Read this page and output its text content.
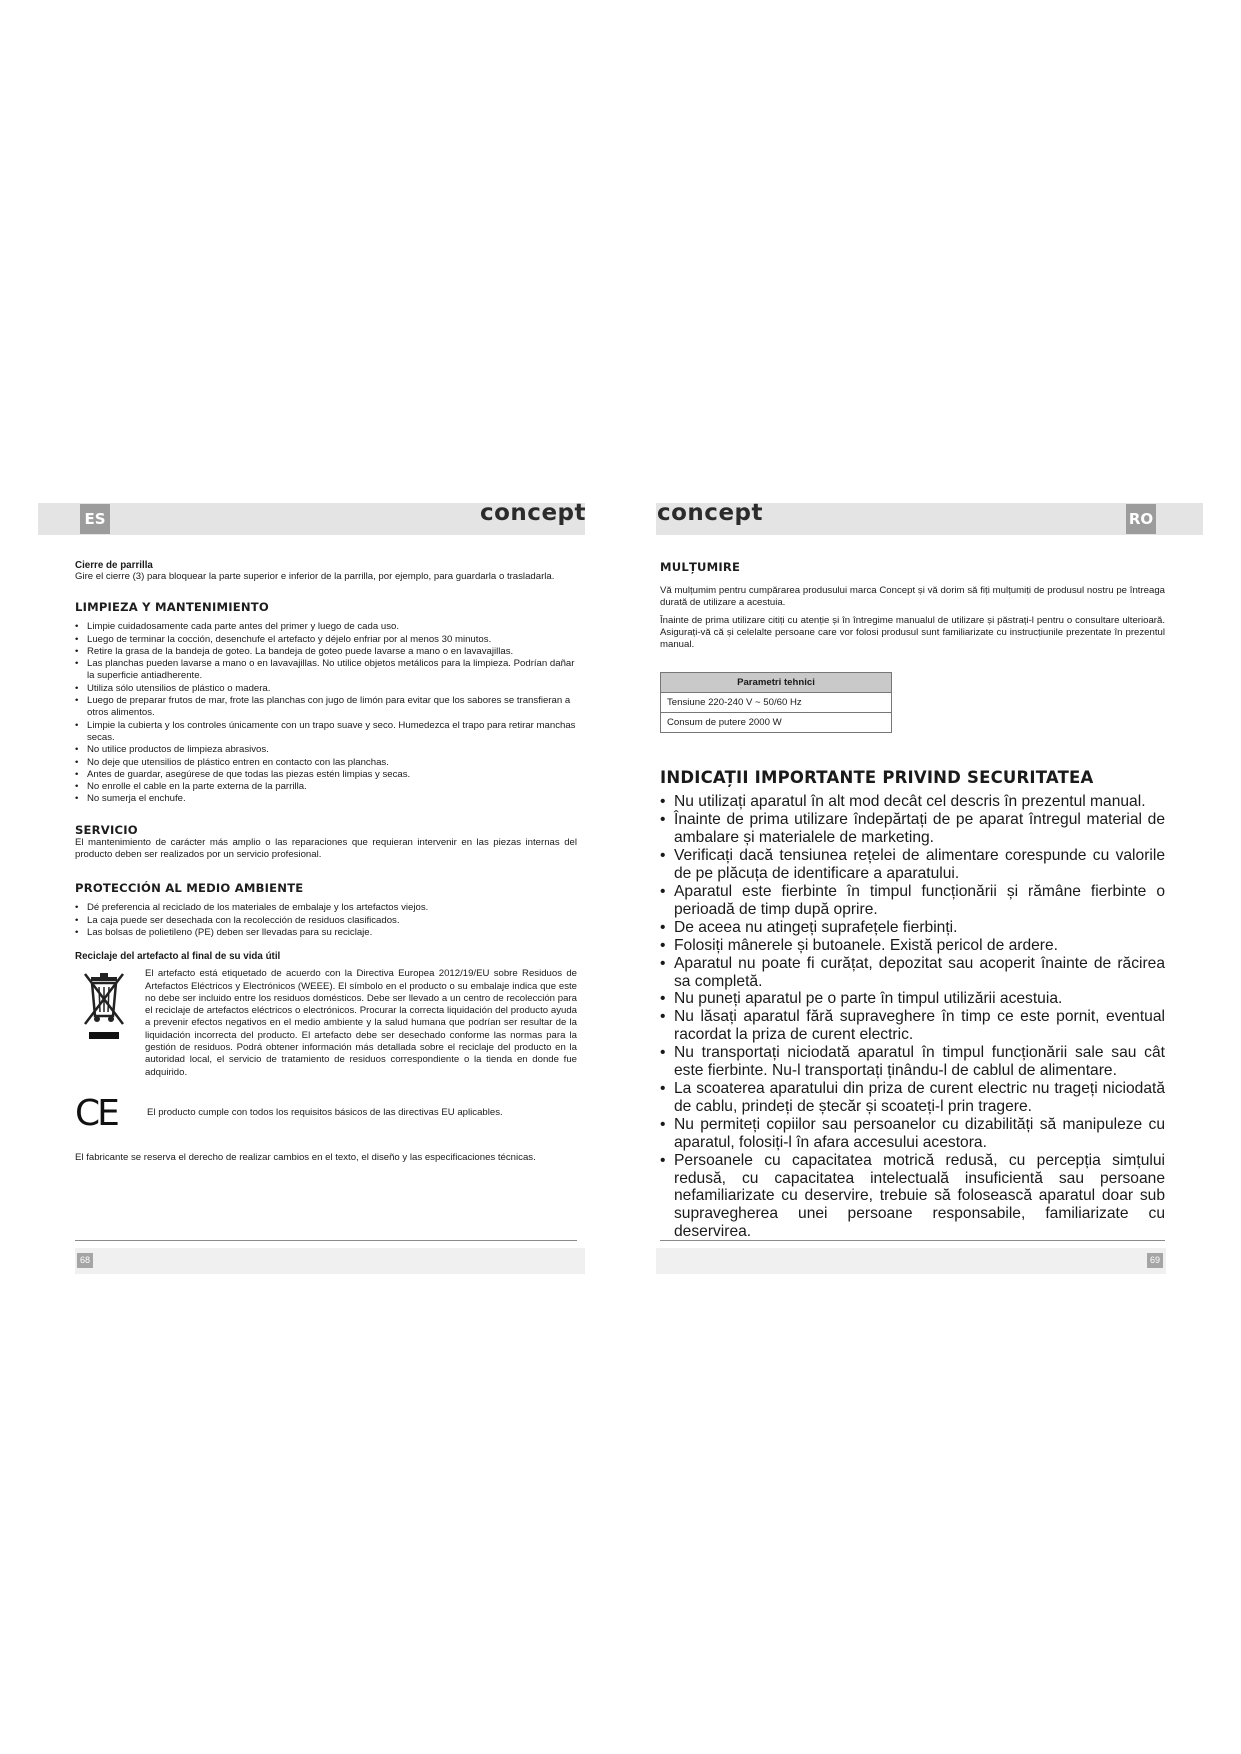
ES	RO
concept	concept

Cierre de parrilla

Gire el cierre (3) para bloquear la parte superior e inferior de la parrilla, por ejemplo, para guardarla o trasladarla.

LIMPIEZA Y MANTENIMIENTO

• Limpie cuidadosamente cada parte antes del primer y luego de cada uso.
• Luego de terminar la cocción, desenchufe el artefacto y déjelo enfriar por al menos 30 minutos.
• Retire la grasa de la bandeja de goteo. La bandeja de goteo puede lavarse a mano o en lavavajillas.
• Las planchas pueden lavarse a mano o en lavavajillas. No utilice objetos metálicos para la limpieza. Podrían dañar la superficie antiadherente.
• Utiliza sólo utensilios de plástico o madera.
• Luego de preparar frutos de mar, frote las planchas con jugo de limón para evitar que los sabores se transfieran a otros alimentos.
• Limpie la cubierta y los controles únicamente con un trapo suave y seco. Humedezca el trapo para retirar manchas secas.
• No utilice productos de limpieza abrasivos.
• No deje que utensilios de plástico entren en contacto con las planchas.
• Antes de guardar, asegúrese de que todas las piezas estén limpias y secas.
• No enrolle el cable en la parte externa de la parrilla.
• No sumerja el enchufe.

SERVICIO

El mantenimiento de carácter más amplio o las reparaciones que requieran intervenir en las piezas internas del producto deben ser realizados por un servicio profesional.

PROTECCIÓN AL MEDIO AMBIENTE

• Dé preferencia al reciclado de los materiales de embalaje y los artefactos viejos.
• La caja puede ser desechada con la recolección de residuos clasificados.
• Las bolsas de polietileno (PE) deben ser llevadas para su reciclaje.

Reciclaje del artefacto al final de su vida útil

El artefacto está etiquetado de acuerdo con la Directiva Europea 2012/19/EU sobre Residuos de Artefactos Eléctricos y Electrónicos (WEEE). El símbolo en el producto o su embalaje indica que este no debe ser incluido entre los residuos domésticos. Debe ser llevado a un centro de recolección para el reciclaje de artefactos eléctricos o electrónicos. Procurar la correcta liquidación del producto ayuda a prevenir efectos negativos en el medio ambiente y la salud humana que podrían ser resultar de la liquidación incorrecta del producto. El artefacto debe ser desechado conforme las normas para la gestión de residuos. Podrá obtener información más detallada sobre el reciclaje del producto en la autoridad local, el servicio de tratamiento de residuos correspondiente o la tienda en donde fue adquirido.

CE	El producto cumple con todos los requisitos básicos de las directivas EU aplicables.

El fabricante se reserva el derecho de realizar cambios en el texto, el diseño y las especificaciones técnicas.

MULȚUMIRE

Vă mulțumim pentru cumpărarea produsului marca Concept și vă dorim să fiți mulțumiți de produsul nostru pe întreaga durată de utilizare a acestuia.

Înainte de prima utilizare citiți cu atenție și în întregime manualul de utilizare și păstrați-l pentru o consultare ulterioară. Asigurați-vă că și celelalte persoane care vor folosi produsul sunt familiarizate cu instrucțiunile prezentate în prezentul manual.

Parametri tehnici
Tensiune 220-240 V ~ 50/60 Hz
Consum de putere 2000 W

INDICAȚII IMPORTANTE PRIVIND SECURITATEA

• Nu utilizați aparatul în alt mod decât cel descris în prezentul manual.
• Înainte de prima utilizare îndepărtați de pe aparat întregul material de ambalare și materialele de marketing.
• Verificați dacă tensiunea rețelei de alimentare corespunde cu valorile de pe plăcuța de identificare a aparatului.
• Aparatul este fierbinte în timpul funcționării și rămâne fierbinte o perioadă de timp după oprire.
• De aceea nu atingeți suprafețele fierbinți.
• Folosiți mânerele și butoanele. Există pericol de ardere.
• Aparatul nu poate fi curățat, depozitat sau acoperit înainte de răcirea sa completă.
• Nu puneți aparatul pe o parte în timpul utilizării acestuia.
• Nu lăsați aparatul fără supraveghere în timp ce este pornit, eventual racordat la priza de curent electric.
• Nu transportați niciodată aparatul în timpul funcționării sale sau cât este fierbinte. Nu-l transportați ținându-l de cablul de alimentare.
• La scoaterea aparatului din priza de curent electric nu trageți niciodată de cablu, prindeți de ștecăr și scoateți-l prin tragere.
• Nu permiteți copiilor sau persoanelor cu dizabilități să manipuleze cu aparatul, folosiți-l în afara accesului acestora.
• Persoanele cu capacitatea motrică redusă, cu percepția simțului redusă, cu capacitatea intelectuală insuficientă sau persoane nefamiliarizate cu deservire, trebuie să folosească aparatul doar sub supravegherea unei persoane responsabile, familiarizate cu deservirea.
68	69
